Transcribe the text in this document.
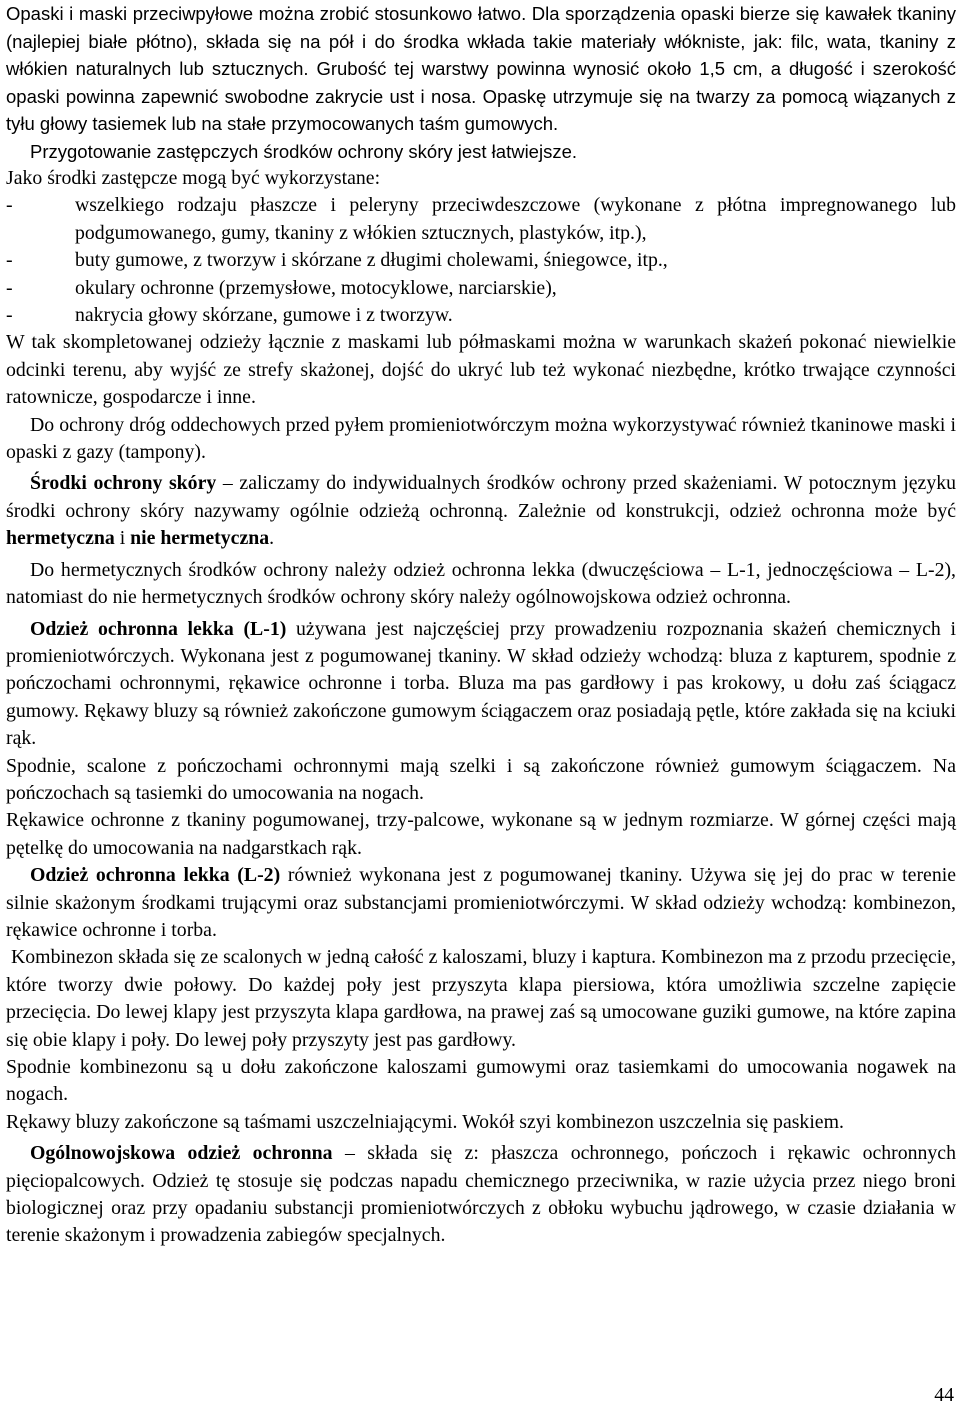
Opaski i maski przeciwpyłowe można zrobić stosunkowo łatwo. Dla sporządzenia opaski bierze się kawałek tkaniny (najlepiej białe płótno), składa się na pół i do środka wkłada takie materiały włókniste, jak: filc, wata, tkaniny z włókien naturalnych lub sztucznych. Grubość tej warstwy powinna wynosić około 1,5 cm, a długość i szerokość opaski powinna zapewnić swobodne zakrycie ust i nosa. Opaskę utrzymuje się na twarzy za pomocą wiązanych z tyłu głowy tasiemek lub na stałe przymocowanych taśm gumowych.

Przygotowanie zastępczych środków ochrony skóry jest łatwiejsze.

Jako środki zastępcze mogą być wykorzystane:

-	wszelkiego rodzaju płaszcze i peleryny przeciwdeszczowe (wykonane z płótna impregnowanego lub podgumowanego, gumy, tkaniny z włókien sztucznych, plastyków, itp.),
-	buty gumowe, z tworzyw i skórzane z długimi cholewami, śniegowce, itp.,
-	okulary ochronne (przemysłowe, motocyklowe, narciarskie),
-	nakrycia głowy skórzane, gumowe i z tworzyw.

W tak skompletowanej odzieży łącznie z maskami lub półmaskami można w warunkach skażeń pokonać niewielkie odcinki terenu, aby wyjść ze strefy skażonej, dojść do ukryć lub też wykonać niezbędne, krótko trwające czynności ratownicze, gospodarcze i inne.

Do ochrony dróg oddechowych przed pyłem promieniotwórczym można wykorzystywać również tkaninowe maski i opaski z gazy (tampony).

Środki ochrony skóry – zaliczamy do indywidualnych środków ochrony przed skażeniami. W potocznym języku środki ochrony skóry nazywamy ogólnie odzieżą ochronną. Zależnie od konstrukcji, odzież ochronna może być hermetyczna i nie hermetyczna.

Do hermetycznych środków ochrony należy odzież ochronna lekka (dwuczęściowa – L-1, jednoczęściowa – L-2), natomiast do nie hermetycznych środków ochrony skóry należy ogólnowojskowa odzież ochronna.

Odzież ochronna lekka (L-1) używana jest najczęściej przy prowadzeniu rozpoznania skażeń chemicznych i promieniotwórczych. Wykonana jest z pogumowanej tkaniny. W skład odzieży wchodzą: bluza z kapturem, spodnie z pończochami ochronnymi, rękawice ochronne i torba. Bluza ma pas gardłowy i pas krokowy, u dołu zaś ściągacz gumowy. Rękawy bluzy są również zakończone gumowym ściągaczem oraz posiadają pętle, które zakłada się na kciuki rąk.

Spodnie, scalone z pończochami ochronnymi mają szelki i są zakończone również gumowym ściągaczem. Na pończochach są tasiemki do umocowania na nogach.

Rękawice ochronne z tkaniny pogumowanej, trzy-palcowe, wykonane są w jednym rozmiarze. W górnej części mają pętelkę do umocowania na nadgarstkach rąk.

Odzież ochronna lekka (L-2) również wykonana jest z pogumowanej tkaniny. Używa się jej do prac w terenie silnie skażonym środkami trującymi oraz substancjami promieniotwórczymi. W skład odzieży wchodzą: kombinezon, rękawice ochronne i torba.

Kombinezon składa się ze scalonych w jedną całość z kaloszami, bluzy i kaptura. Kombinezon ma z przodu przecięcie, które tworzy dwie połowy. Do każdej poły jest przyszyta klapa piersiowa, która umożliwia szczelne zapięcie przecięcia. Do lewej klapy jest przyszyta klapa gardłowa, na prawej zaś są umocowane guziki gumowe, na które zapina się obie klapy i poły. Do lewej poły przyszyty jest pas gardłowy.

Spodnie kombinezonu są u dołu zakończone kaloszami gumowymi oraz tasiemkami do umocowania nogawek na nogach.

Rękawy bluzy zakończone są taśmami uszczelniającymi. Wokół szyi kombinezon uszczelnia się paskiem.

Ogólnowojskowa odzież ochronna – składa się z: płaszcza ochronnego, pończoch i rękawic ochronnych pięciopalcowych. Odzież tę stosuje się podczas napadu chemicznego przeciwnika, w razie użycia przez niego broni biologicznej oraz przy opadaniu substancji promieniotwórczych z obłoku wybuchu jądrowego, w czasie działania w terenie skażonym i prowadzenia zabiegów specjalnych.

44
